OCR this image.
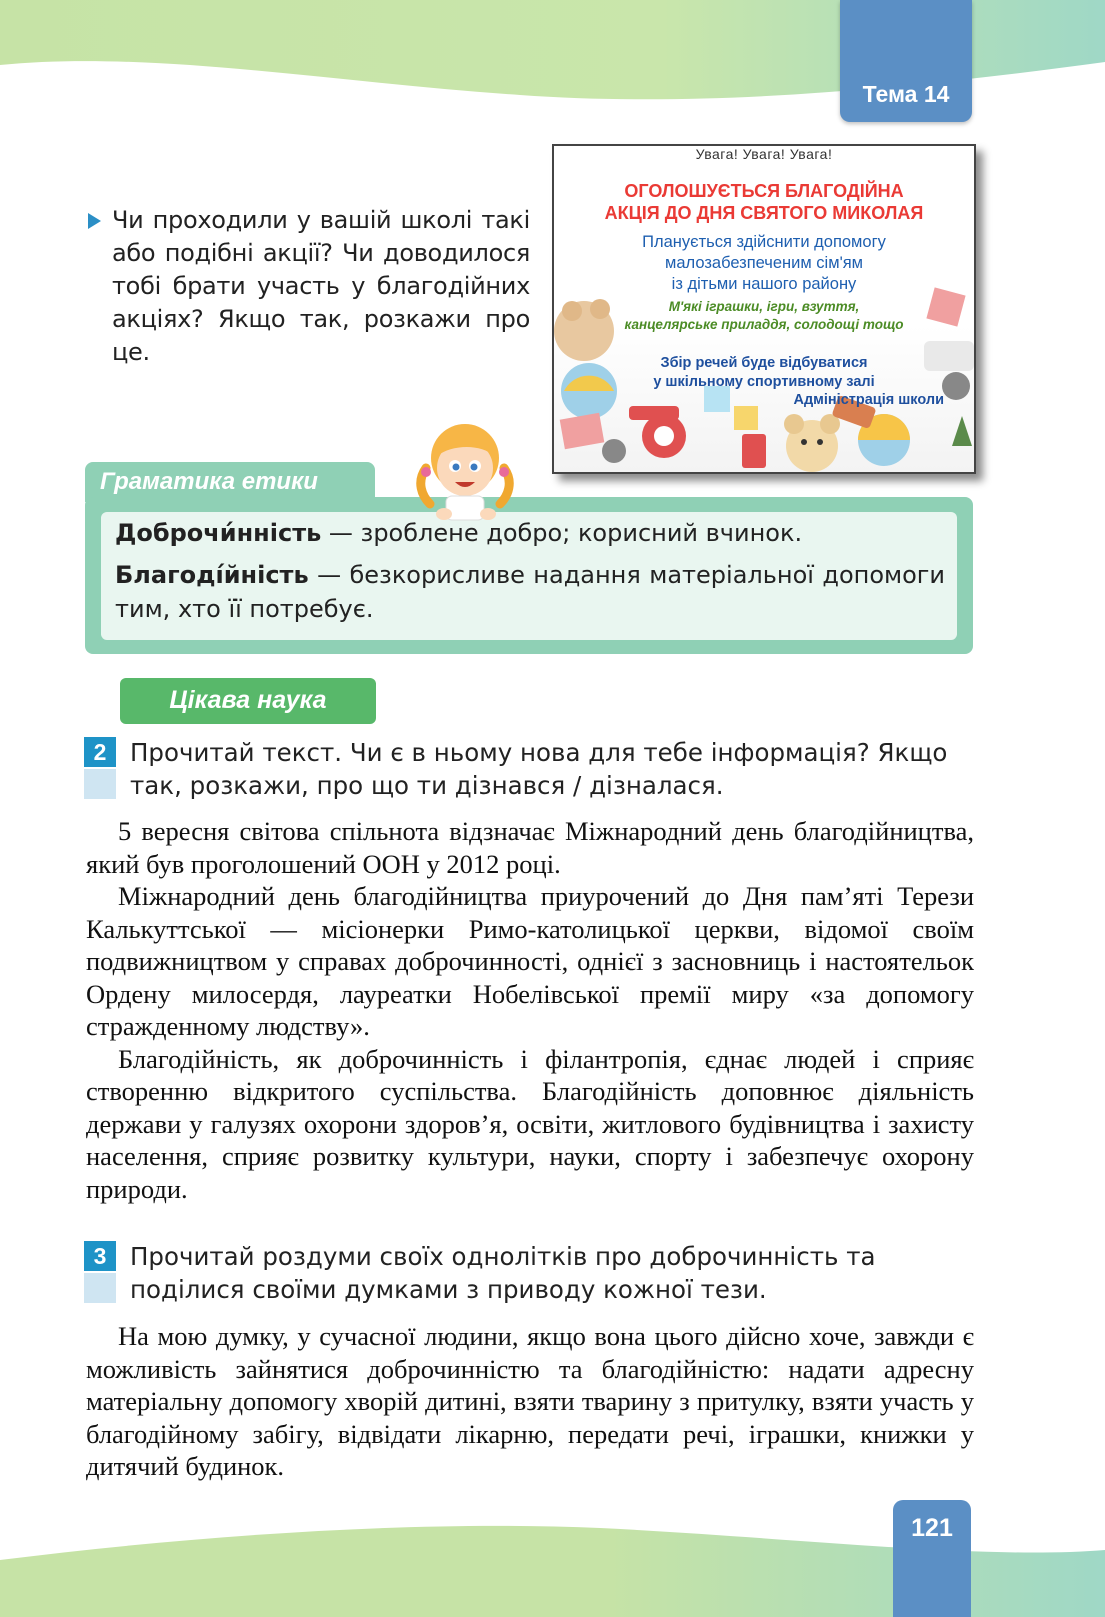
Тема 14
Чи проходили у вашій школі такі або подібні акції? Чи доводилося тобі брати участь у благодійних акціях? Якщо так, розкажи про це.
Увага! Увага! Увага!
ОГОЛОШУЄТЬСЯ БЛАГОДІЙНА
АКЦІЯ ДО ДНЯ СВЯТОГО МИКОЛАЯ
Планується здійснити допомогу
малозабезпеченим сім'ям
із дітьми нашого району
М'які іграшки, ігри, взуття,
канцелярське приладдя, солодощі тощо
Збір речей буде відбуватися
у шкільному спортивному залі
Адміністрація школи
Граматика етики
Доброчи́нність — зроблене добро; корисний вчинок.
Благоді́йність — безкорисливе надання матеріальної допомоги тим, хто її потребує.
Цікава наука
2 Прочитай текст. Чи є в ньому нова для тебе інформація? Якщо так, розкажи, про що ти дізнався / дізналася.

5 вересня світова спільнота відзначає Міжнародний день благодійництва, який був проголошений ООН у 2012 році.

Міжнародний день благодійництва приурочений до Дня пам’яті Терези Калькуттської — місіонерки Римо-католицької церкви, відомої своїм подвижництвом у справах доброчинності, однієї з засновниць і настоятельок Ордену милосердя, лауреатки Нобелівської премії миру «за допомогу стражденному людству».

Благодійність, як доброчинність і філантропія, єднає людей і сприяє створенню відкритого суспільства. Благодійність доповнює діяльність держави у галузях охорони здоров’я, освіти, житлового будівництва і захисту населення, сприяє розвитку культури, науки, спорту і забезпечує охорону природи.

3 Прочитай роздуми своїх однолітків про доброчинність та поділися своїми думками з приводу кожної тези.

На мою думку, у сучасної людини, якщо вона цього дійсно хоче, завжди є можливість зайнятися доброчинністю та благодійністю: надати адресну матеріальну допомогу хворій дитині, взяти тварину з притулку, взяти участь у благодійному забігу, відвідати лікарню, передати речі, іграшки, книжки у дитячий будинок.

121
